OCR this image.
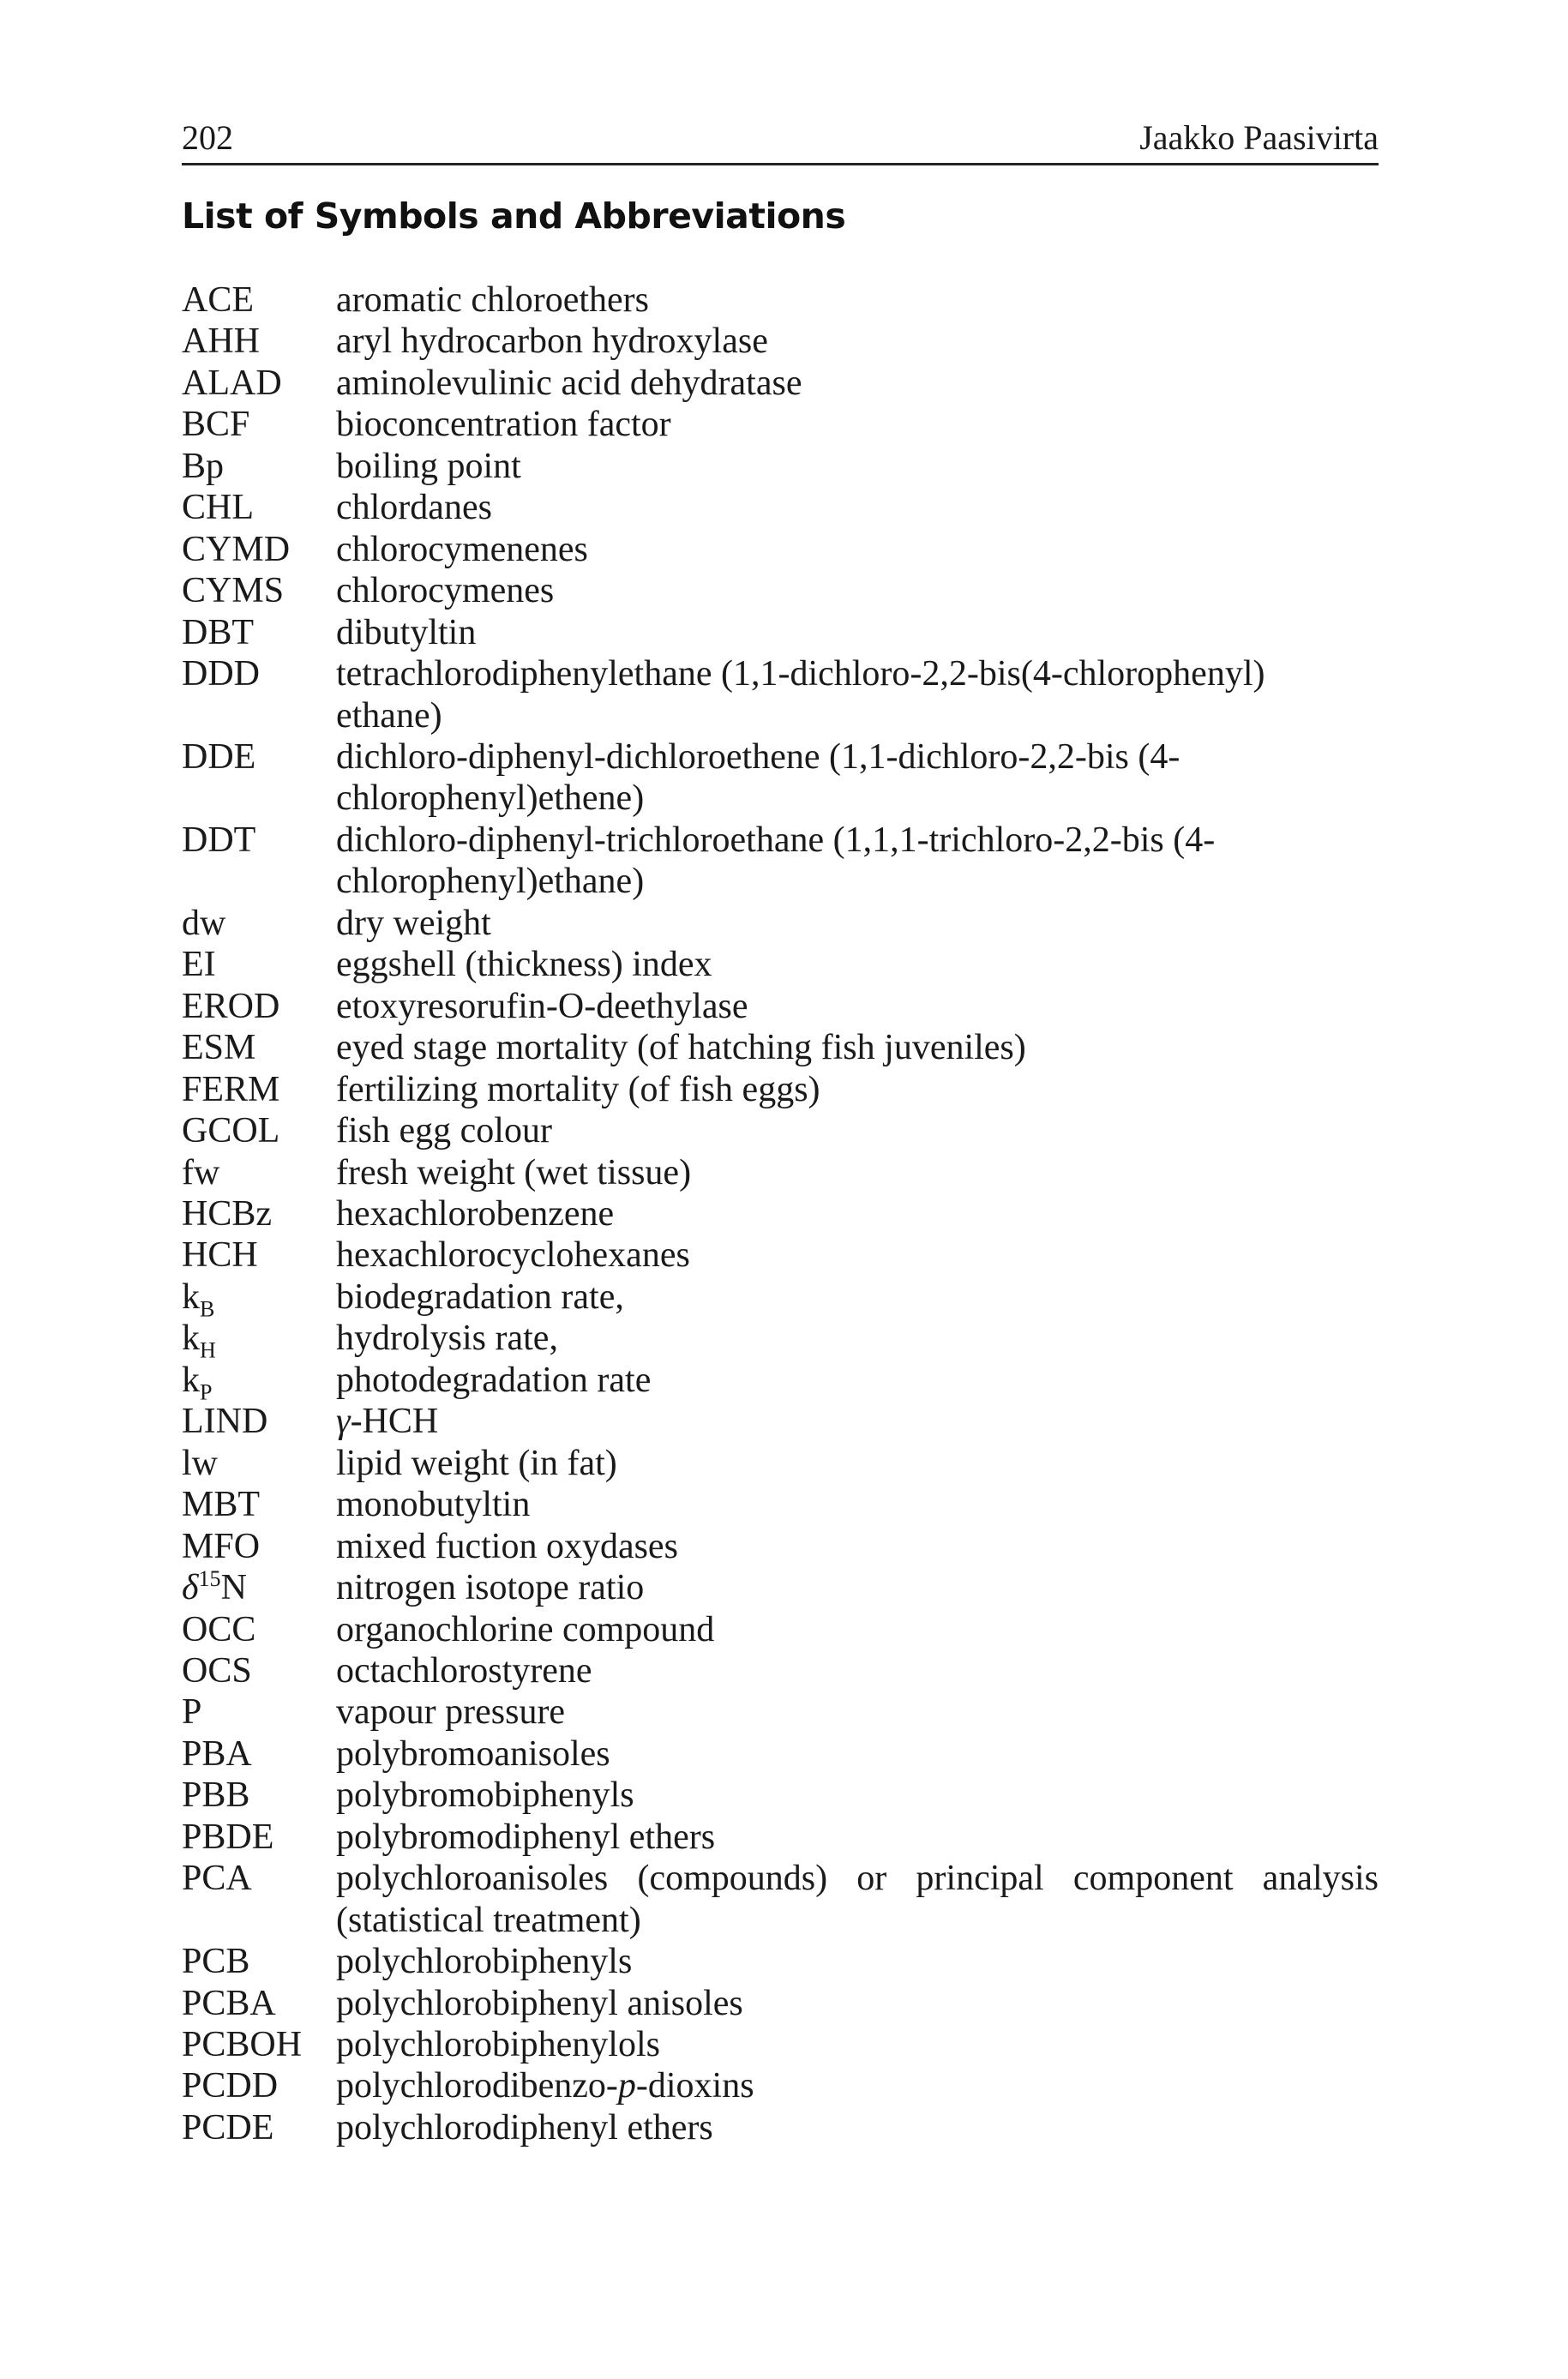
202	Jaakko Paasivirta
List of Symbols and Abbreviations
ACE	aromatic chloroethers
AHH	aryl hydrocarbon hydroxylase
ALAD	aminolevulinic acid dehydratase
BCF	bioconcentration factor
Bp	boiling point
CHL	chlordanes
CYMD	chlorocymenenes
CYMS	chlorocymenes
DBT	dibutyltin
DDD	tetrachlorodiphenylethane (1,1-dichloro-2,2-bis(4-chlorophenyl) ethane)
DDE	dichloro-diphenyl-dichloroethene (1,1-dichloro-2,2-bis (4-chlorophenyl)ethene)
DDT	dichloro-diphenyl-trichloroethane (1,1,1-trichloro-2,2-bis (4-chlorophenyl)ethane)
dw	dry weight
EI	eggshell (thickness) index
EROD	etoxyresorufin-O-deethylase
ESM	eyed stage mortality (of hatching fish juveniles)
FERM	fertilizing mortality (of fish eggs)
GCOL	fish egg colour
fw	fresh weight (wet tissue)
HCBz	hexachlorobenzene
HCH	hexachlorocyclohexanes
$k_B$	biodegradation rate,
$k_H$	hydrolysis rate,
$k_P$	photodegradation rate
LIND	γ-HCH
lw	lipid weight (in fat)
MBT	monobutyltin
MFO	mixed fuction oxydases
$\delta^{15}N$	nitrogen isotope ratio
OCC	organochlorine compound
OCS	octachlorostyrene
P	vapour pressure
PBA	polybromoanisoles
PBB	polybromobiphenyls
PBDE	polybromodiphenyl ethers
PCA	polychloroanisoles (compounds) or principal component analysis (statistical treatment)
PCB	polychlorobiphenyls
PCBA	polychlorobiphenyl anisoles
PCBOH polychlorobiphenylols
PCDD	polychlorodibenzo-p-dioxins
PCDE	polychlorodiphenyl ethers
